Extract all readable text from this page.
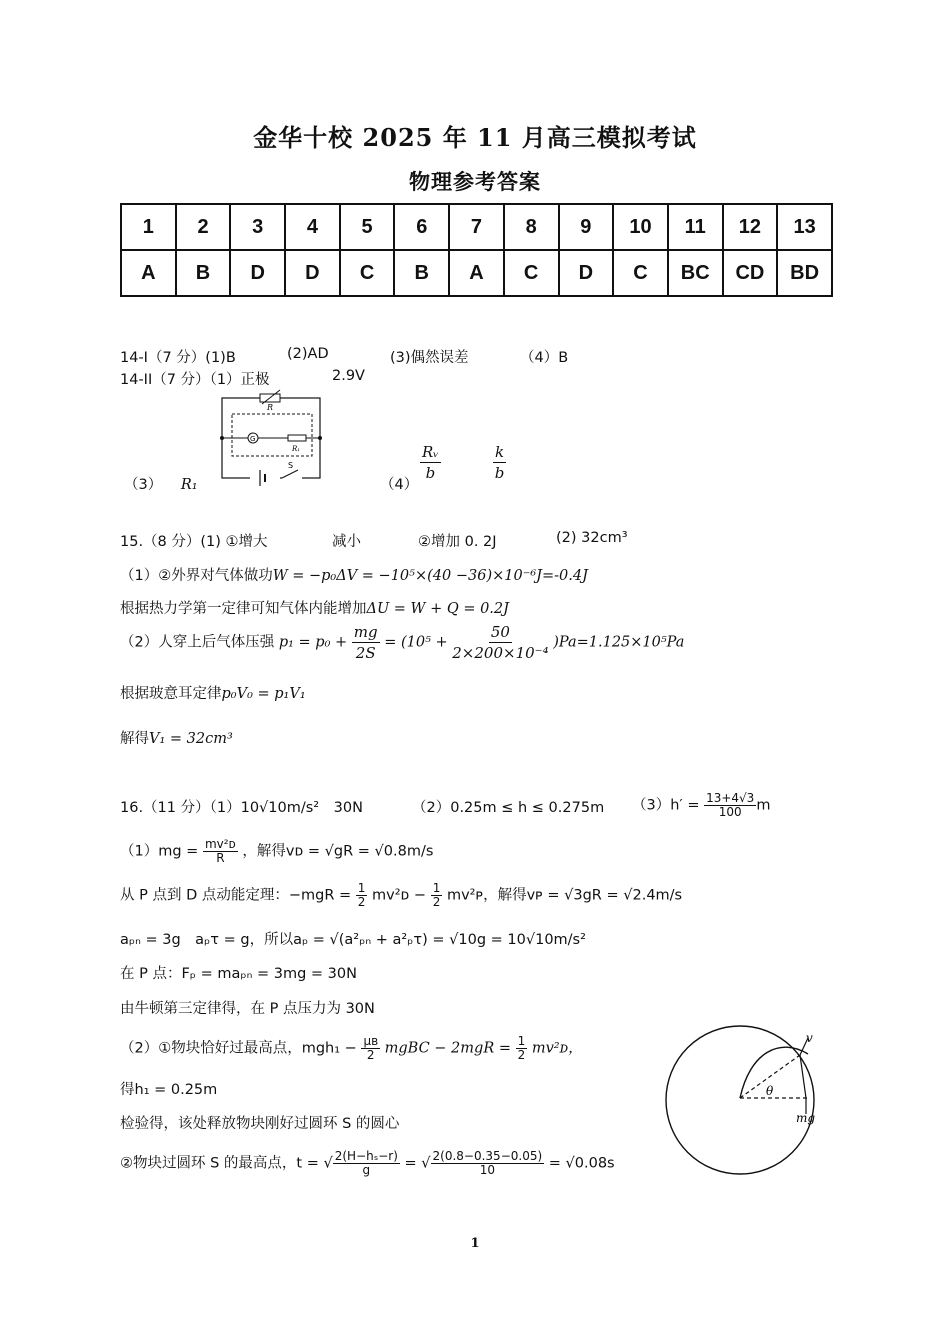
金华十校 2025 年 11 月高三模拟考试
物理参考答案
1	2	3	4	5	6	7	8	9	10	11	12	13
A	B	D	D	C	B	A	C	D	C	BC	CD	BD
14-I（7 分）(1)B	(2)AD	(3)偶然误差	（4）B
14-II（7 分）（1）正极	2.9V
R
G
R₁
S
（3） R₁	（4）
$\frac{\text{Rᵥ}}{b}$	$\frac{k}{b}$
15.（8 分）(1) ①增大	减小	②增加 0. 2J	(2) 32cm³
（1）②外界对气体做功W = −p₀ΔV = −10⁵×(40 −36)×10⁻⁶J=-0.4J
根据热力学第一定律可知气体内能增加ΔU = W + Q = 0.2J
（2）人穿上后气体压强 $p_1 = p_0 + \frac{mg}{2S} = (10^5 + \frac{50}{\text{2×200×10⁻⁴}} )Pa=1.125\times 10^5Pa$
根据玻意耳定律p₀V₀ = p₁V₁
解得V₁ = 32cm³
16.（11 分）（1）10√10m/s²　30N	（2）0.25m ≤ h ≤ 0.275m $(3)h' = \frac{13+4√3}{100}$ m
$(1)mg = \frac{\text{mv²ᴅ}}{R}$ ，解得vᴅ = √gR = √0.8m/s
从 P 点到 D 点动能定理：$-mgR = \frac{1}{2}$ mv²ᴅ − $\frac{1}{2}$ mv²ᴘ，解得vᴘ = √3gR = √2.4m/s
aₚₙ = 3g　aₚτ = g，所以aₚ = √(a²ₚₙ + a²ₚτ) = √10g = 10√10m/s²
在 P 点：Fₚ = maₚₙ = 3mg = 30N
由牛顿第三定律得，在 P 点压力为 30N
（2）①物块恰好过最高点，$mgh_1 - \frac{\text{μʙ}}{2}$ mgBC − $2mgR = \frac{1}{2}$ mv²ᴅ，
得h₁ = 0.25m
检验得，该处释放物块刚好过圆环 S 的圆心
②物块过圆环 S 的最高点，t = √ $\frac{\text{2(H−hₛ−r)}}{g}$ = √ $\frac{2(0.8-0.35-0.05)}{10} = √0.08s$
v
θ
mg
1
